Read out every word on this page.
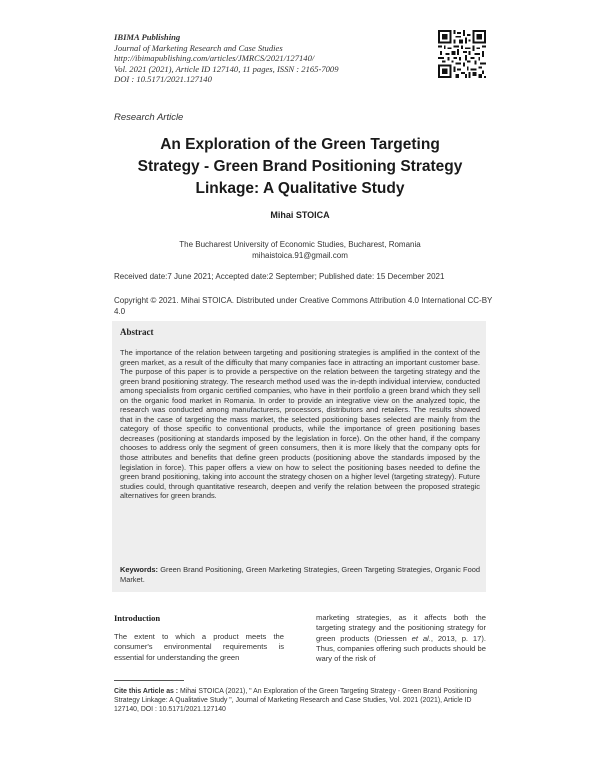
IBIMA Publishing
Journal of Marketing Research and Case Studies
http://ibimapublishing.com/articles/JMRCS/2021/127140/
Vol. 2021 (2021), Article ID 127140, 11 pages, ISSN : 2165-7009
DOI : 10.5171/2021.127140
Research Article
An Exploration of the Green Targeting
Strategy - Green Brand Positioning Strategy
Linkage: A Qualitative Study
Mihai STOICA
The Bucharest University of Economic Studies, Bucharest, Romania
mihaistoica.91@gmail.com
Received date:7 June 2021; Accepted date:2 September; Published date: 15 December 2021
Copyright © 2021. Mihai STOICA. Distributed under Creative Commons Attribution 4.0 International CC-BY 4.0
Abstract
The importance of the relation between targeting and positioning strategies is amplified in the context of the green market, as a result of the difficulty that many companies face in attracting an important customer base. The purpose of this paper is to provide a perspective on the relation between the targeting strategy and the green brand positioning strategy. The research method used was the in-depth individual interview, conducted among specialists from organic certified companies, who have in their portfolio a green brand which they sell on the organic food market in Romania. In order to provide an integrative view on the analyzed topic, the research was conducted among manufacturers, processors, distributors and retailers. The results showed that in the case of targeting the mass market, the selected positioning bases selected are mainly from the category of those specific to conventional products, while the importance of green positioning bases decreases (positioning at standards imposed by the legislation in force). On the other hand, if the company chooses to address only the segment of green consumers, then it is more likely that the company opts for those attributes and benefits that define green products (positioning above the standards imposed by the legislation in force). This paper offers a view on how to select the positioning bases needed to define the green brand positioning, taking into account the strategy chosen on a higher level (targeting strategy). Future studies could, through quantitative research, deepen and verify the relation between the proposed strategic alternatives for green brands.
Keywords: Green Brand Positioning, Green Marketing Strategies, Green Targeting Strategies, Organic Food Market.
Introduction
The extent to which a product meets the consumer's environmental requirements is essential for understanding the green
marketing strategies, as it affects both the targeting strategy and the positioning strategy for green products (Driessen et al., 2013, p. 17). Thus, companies offering such products should be wary of the risk of
Cite this Article as : Mihai STOICA (2021), " An Exploration of the Green Targeting Strategy - Green Brand Positioning Strategy Linkage: A Qualitative Study ", Journal of Marketing Research and Case Studies, Vol. 2021 (2021), Article ID 127140, DOI : 10.5171/2021.127140
